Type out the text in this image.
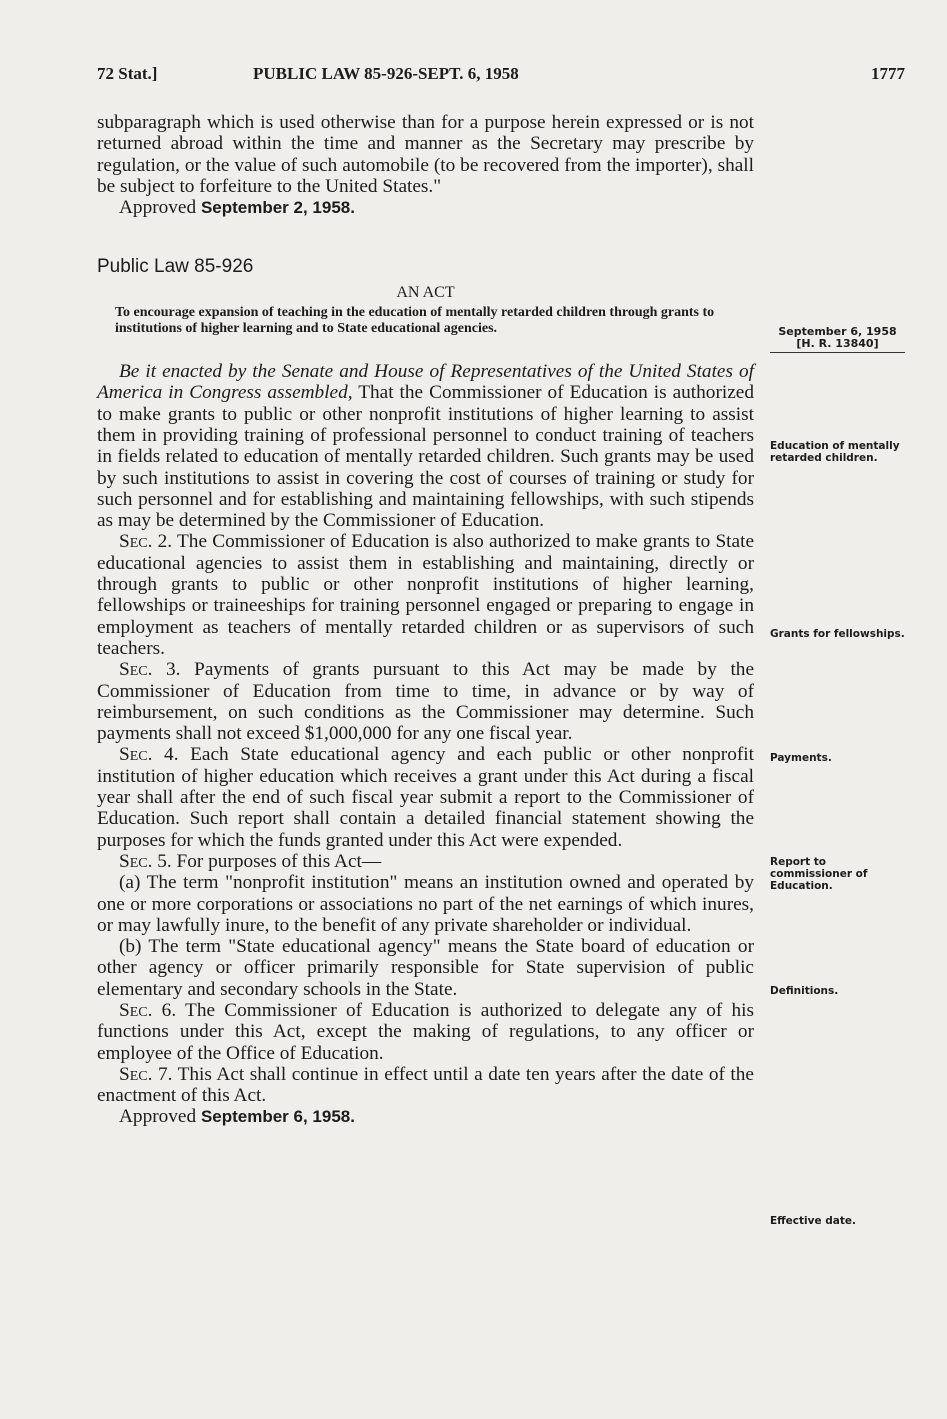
72 Stat.]	PUBLIC LAW 85-926-SEPT. 6, 1958	1777

subparagraph which is used otherwise than for a purpose herein expressed or is not returned abroad within the time and manner as the Secretary may prescribe by regulation, or the value of such automobile (to be recovered from the importer), shall be subject to forfeiture to the United States."

Approved September 2, 1958.

Public Law 85-926

AN ACT

To encourage expansion of teaching in the education of mentally retarded children through grants to institutions of higher learning and to State educational agencies.

Be it enacted by the Senate and House of Representatives of the United States of America in Congress assembled, That the Commissioner of Education is authorized to make grants to public or other nonprofit institutions of higher learning to assist them in providing training of professional personnel to conduct training of teachers in fields related to education of mentally retarded children. Such grants may be used by such institutions to assist in covering the cost of courses of training or study for such personnel and for establishing and maintaining fellowships, with such stipends as may be determined by the Commissioner of Education.

Sec. 2. The Commissioner of Education is also authorized to make grants to State educational agencies to assist them in establishing and maintaining, directly or through grants to public or other nonprofit institutions of higher learning, fellowships or traineeships for training personnel engaged or preparing to engage in employment as teachers of mentally retarded children or as supervisors of such teachers.

Sec. 3. Payments of grants pursuant to this Act may be made by the Commissioner of Education from time to time, in advance or by way of reimbursement, on such conditions as the Commissioner may determine. Such payments shall not exceed $1,000,000 for any one fiscal year.

Sec. 4. Each State educational agency and each public or other nonprofit institution of higher education which receives a grant under this Act during a fiscal year shall after the end of such fiscal year submit a report to the Commissioner of Education. Such report shall contain a detailed financial statement showing the purposes for which the funds granted under this Act were expended.

Sec. 5. For purposes of this Act—

(a) The term "nonprofit institution" means an institution owned and operated by one or more corporations or associations no part of the net earnings of which inures, or may lawfully inure, to the benefit of any private shareholder or individual.

(b) The term "State educational agency" means the State board of education or other agency or officer primarily responsible for State supervision of public elementary and secondary schools in the State.

Sec. 6. The Commissioner of Education is authorized to delegate any of his functions under this Act, except the making of regulations, to any officer or employee of the Office of Education.

Sec. 7. This Act shall continue in effect until a date ten years after the date of the enactment of this Act.

Approved September 6, 1958.

September 6, 1958
[H. R. 13840]
Education of mentally retarded children.
Grants for fellowships.
Payments.
Report to commissioner of Education.
Definitions.
Effective date.
